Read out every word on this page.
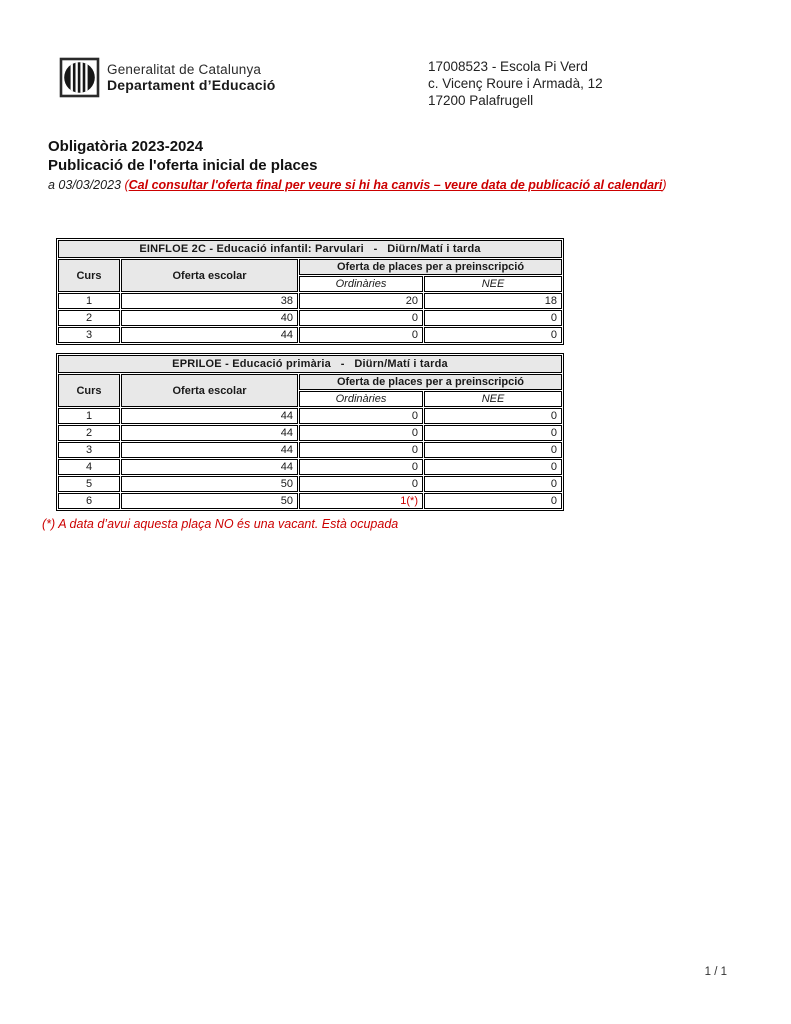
Generalitat de Catalunya
Departament d’Educació
17008523 - Escola Pi Verd
c. Vicenç Roure i Armadà, 12
17200 Palafrugell
Obligatòria 2023-2024
Publicació de l'oferta inicial de places
a 03/03/2023 (Cal consultar l'oferta final per veure si hi ha canvis – veure data de publicació al calendari)
EINFLOE 2C - Educació infantil: Parvulari   -   Diürn/Matí i tarda			
Curs	Oferta escolar	Oferta de places per a preinscripció	
		Ordinàries	NEE
1	38	20	18
2	40	0	0
3	44	0	0
EPRILOE - Educació primària   -   Diürn/Matí i tarda			
Curs	Oferta escolar	Oferta de places per a preinscripció	
		Ordinàries	NEE
1	44	0	0
2	44	0	0
3	44	0	0
4	44	0	0
5	50	0	0
6	50	1(*)	0
(*) A data d’avui aquesta plaça NO és una vacant. Està ocupada
1 / 1
